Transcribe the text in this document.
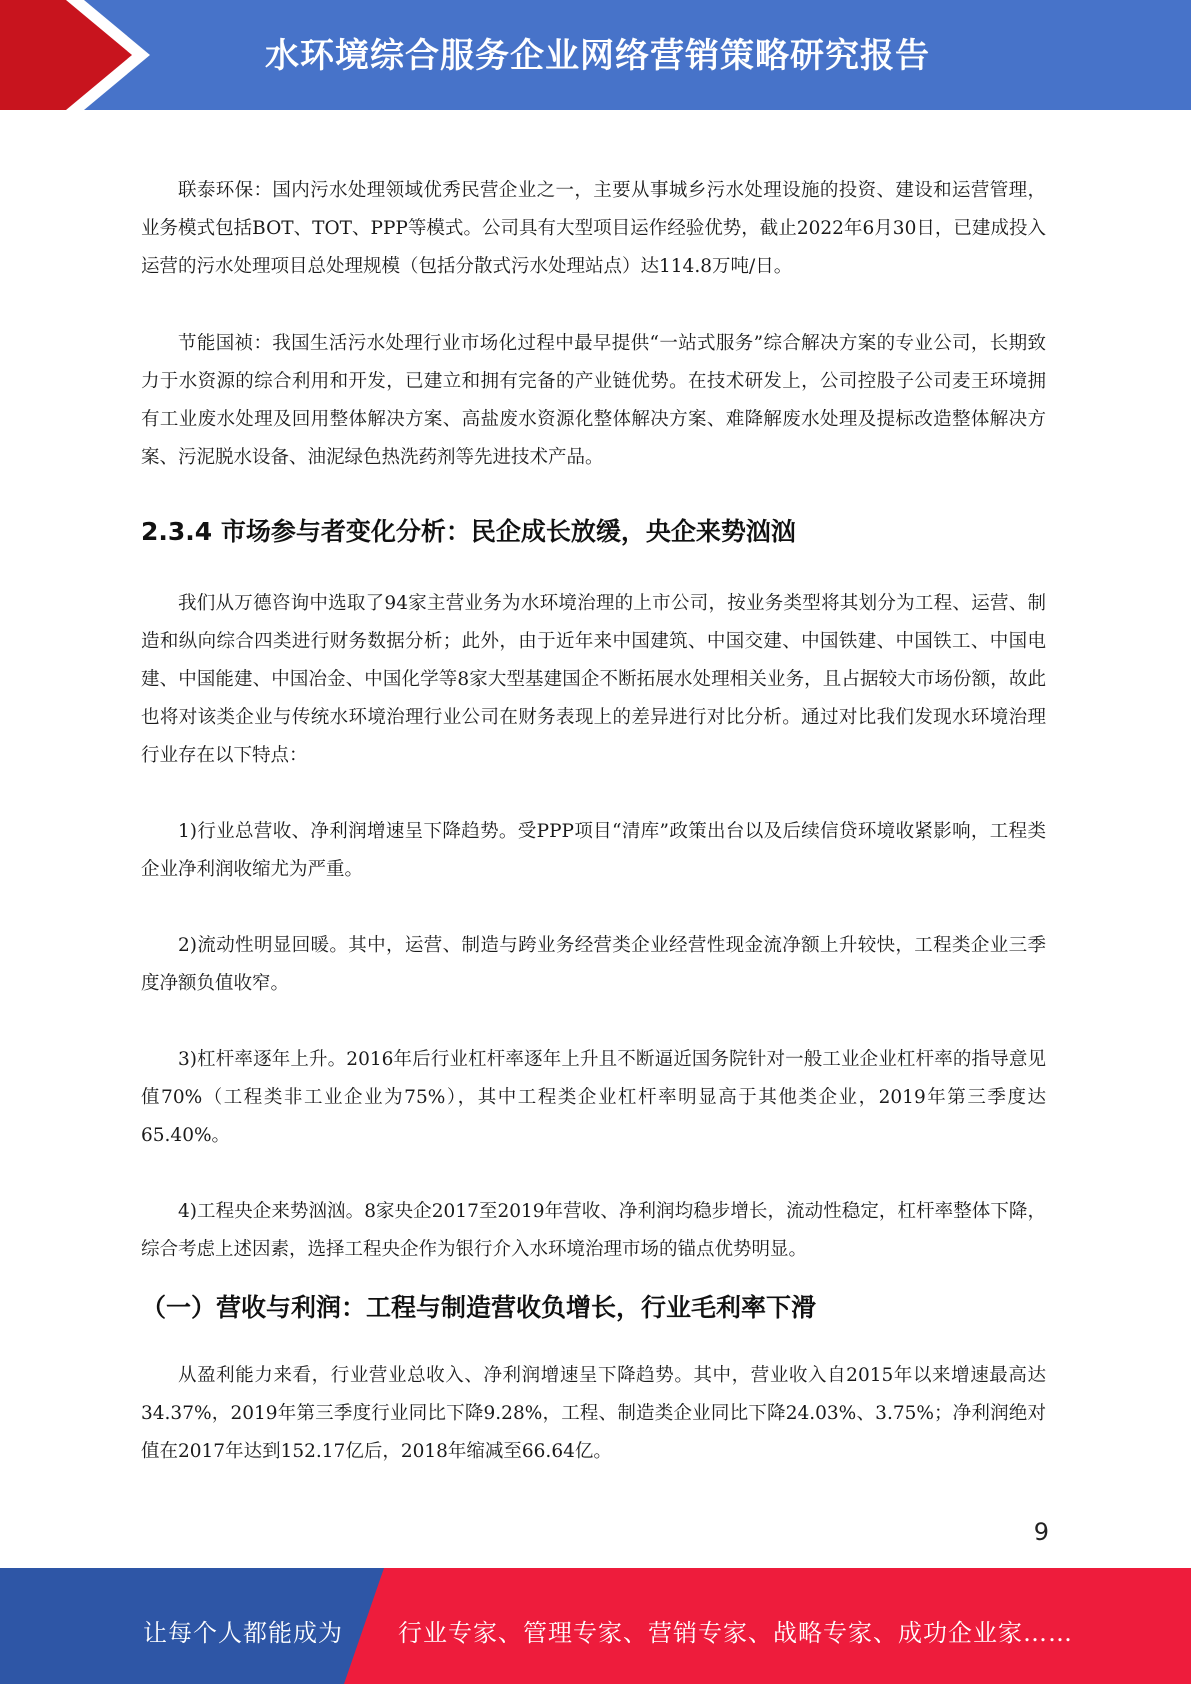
水环境综合服务企业网络营销策略研究报告

联泰环保：国内污水处理领域优秀民营企业之一，主要从事城乡污水处理设施的投资、建设和运营管理，业务模式包括BOT、TOT、PPP等模式。公司具有大型项目运作经验优势，截止2022年6月30日，已建成投入运营的污水处理项目总处理规模（包括分散式污水处理站点）达114.8万吨/日。

节能国祯：我国生活污水处理行业市场化过程中最早提供“一站式服务”综合解决方案的专业公司，长期致力于水资源的综合利用和开发，已建立和拥有完备的产业链优势。在技术研发上，公司控股子公司麦王环境拥有工业废水处理及回用整体解决方案、高盐废水资源化整体解决方案、难降解废水处理及提标改造整体解决方案、污泥脱水设备、油泥绿色热洗药剂等先进技术产品。

2.3.4 市场参与者变化分析：民企成长放缓，央企来势汹汹

我们从万德咨询中选取了94家主营业务为水环境治理的上市公司，按业务类型将其划分为工程、运营、制造和纵向综合四类进行财务数据分析；此外，由于近年来中国建筑、中国交建、中国铁建、中国铁工、中国电建、中国能建、中国冶金、中国化学等8家大型基建国企不断拓展水处理相关业务，且占据较大市场份额，故此也将对该类企业与传统水环境治理行业公司在财务表现上的差异进行对比分析。通过对比我们发现水环境治理行业存在以下特点：

1)行业总营收、净利润增速呈下降趋势。受PPP项目“清库”政策出台以及后续信贷环境收紧影响，工程类企业净利润收缩尤为严重。

2)流动性明显回暖。其中，运营、制造与跨业务经营类企业经营性现金流净额上升较快，工程类企业三季度净额负值收窄。

3)杠杆率逐年上升。2016年后行业杠杆率逐年上升且不断逼近国务院针对一般工业企业杠杆率的指导意见值70%（工程类非工业企业为75%），其中工程类企业杠杆率明显高于其他类企业，2019年第三季度达65.40%。

4)工程央企来势汹汹。8家央企2017至2019年营收、净利润均稳步增长，流动性稳定，杠杆率整体下降，综合考虑上述因素，选择工程央企作为银行介入水环境治理市场的锚点优势明显。

（一）营收与利润：工程与制造营收负增长，行业毛利率下滑

从盈利能力来看，行业营业总收入、净利润增速呈下降趋势。其中，营业收入自2015年以来增速最高达34.37%，2019年第三季度行业同比下降9.28%，工程、制造类企业同比下降24.03%、3.75%；净利润绝对值在2017年达到152.17亿后，2018年缩减至66.64亿。

9
让每个人都能成为 行业专家、管理专家、营销专家、战略专家、成功企业家……
